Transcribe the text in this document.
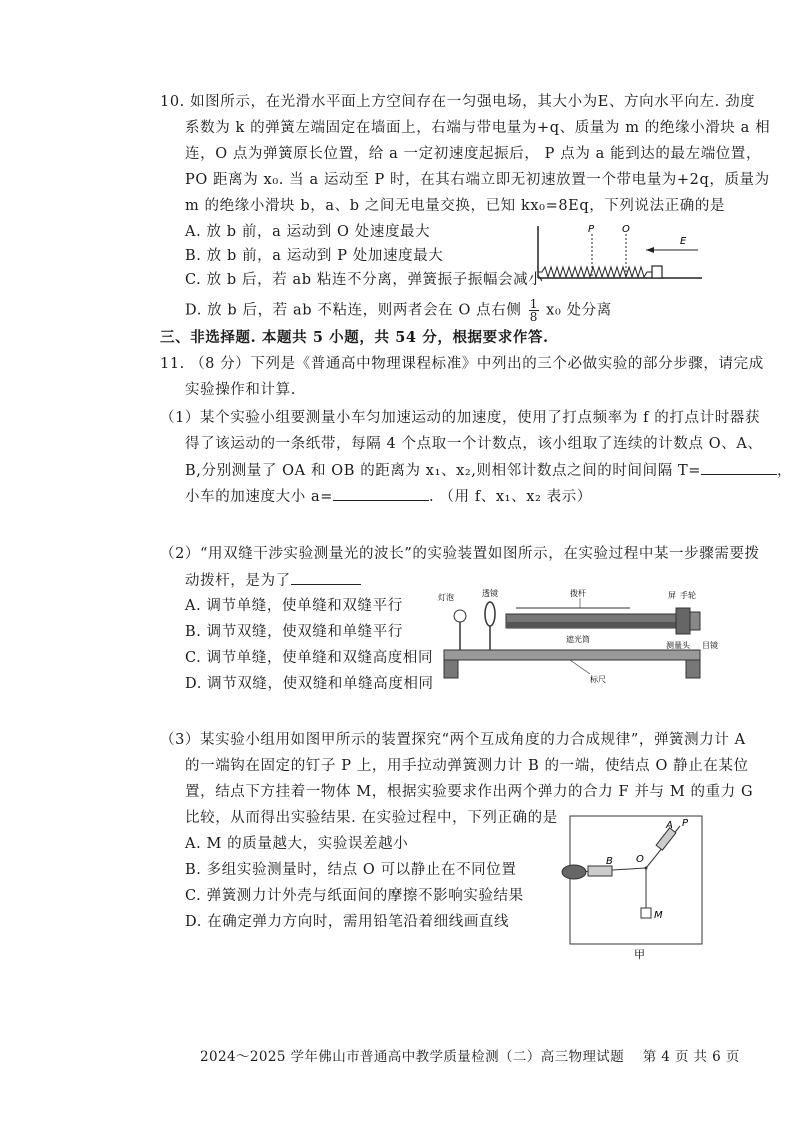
10. 如图所示，在光滑水平面上方空间存在一匀强电场，其大小为E、方向水平向左. 劲度
系数为 k 的弹簧左端固定在墙面上，右端与带电量为+q、质量为 m 的绝缘小滑块 a 相
连，O 点为弹簧原长位置，给 a 一定初速度起振后， P 点为 a 能到达的最左端位置，
PO 距离为 x₀. 当 a 运动至 P 时，在其右端立即无初速放置一个带电量为+2q，质量为
m 的绝缘小滑块 b，a、b 之间无电量交换，已知 kx₀=8Eq，下列说法正确的是
A. 放 b 前，a 运动到 O 处速度最大
B. 放 b 前，a 运动到 P 处加速度最大
C. 放 b 后，若 ab 粘连不分离，弹簧振子振幅会减小
D. 放 b 后，若 ab 不粘连，则两者会在 O 点右侧 $\frac{1}{8} x_0$ 处分离
P	O
E
三、非选择题. 本题共 5 小题，共 54 分，根据要求作答.
11. （8 分）下列是《普通高中物理课程标准》中列出的三个必做实验的部分步骤，请完成
实验操作和计算.
（1）某个实验小组要测量小车匀加速运动的加速度，使用了打点频率为 f 的打点计时器获
得了该运动的一条纸带，每隔 4 个点取一个计数点，该小组取了连续的计数点 O、A、
B,分别测量了 OA 和 OB 的距离为 x₁、x₂,则相邻计数点之间的时间间隔 T=	，
小车的加速度大小 a=	. （用 f、x₁、x₂ 表示）
（2）“用双缝干涉实验测量光的波长”的实验装置如图所示，在实验过程中某一步骤需要拨
动拨杆，是为了
A. 调节单缝，使单缝和双缝平行
B. 调节双缝，使双缝和单缝平行
C. 调节单缝，使单缝和双缝高度相同
D. 调节双缝，使双缝和单缝高度相同
灯泡	透镜	拨杆	屏 手轮
测量头 目镜
遮光筒
标尺
（3）某实验小组用如图甲所示的装置探究“两个互成角度的力合成规律”，弹簧测力计 A
的一端钩在固定的钉子 P 上，用手拉动弹簧测力计 B 的一端，使结点 O 静止在某位
置，结点下方挂着一物体 M，根据实验要求作出两个弹力的合力 F 并与 M 的重力 G
比较，从而得出实验结果. 在实验过程中，下列正确的是
A. M 的质量越大，实验误差越小
B. 多组实验测量时，结点 O 可以静止在不同位置
C. 弹簧测力计外壳与纸面间的摩擦不影响实验结果
D. 在确定弹力方向时，需用铅笔沿着细线画直线
A P
B O
M
甲
2024～2025 学年佛山市普通高中教学质量检测（二）高三物理试题　 第 4 页 共 6 页
